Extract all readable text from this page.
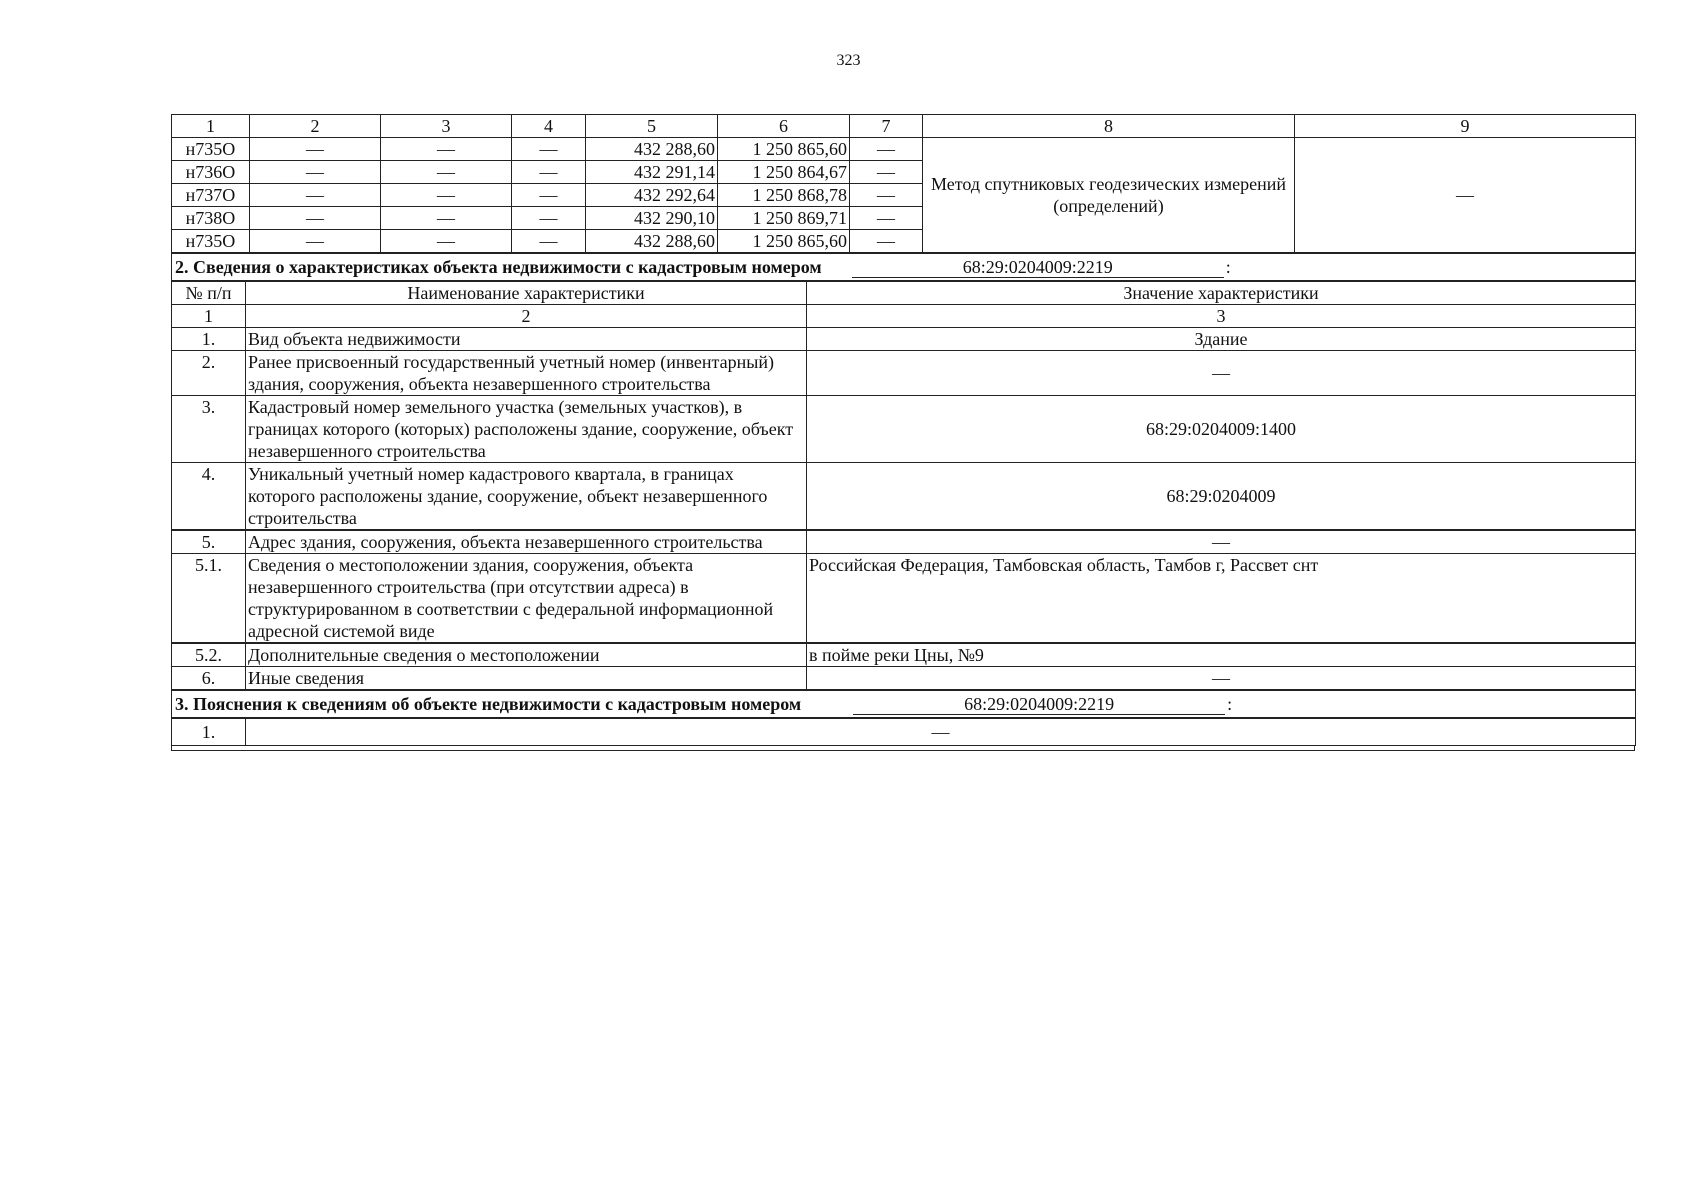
323
1	2	3	4	5	6	7	8	9
н735О	—	—	—	432 288,60	1 250 865,60	—	Метод спутниковых геодезических измерений (определений)	—
н736О	—	—	—	432 291,14	1 250 864,67	—		
н737О	—	—	—	432 292,64	1 250 868,78	—		
н738О	—	—	—	432 290,10	1 250 869,71	—		
н735О	—	—	—	432 288,60	1 250 865,60	—		
2. Сведения о характеристиках объекта недвижимости с кадастровым номером 68:29:0204009:2219 :		

№ п/п	Наименование характеристики	Значение характеристики
1	2	3
1.	Вид объекта недвижимости	Здание
2.	Ранее присвоенный государственный учетный номер (инвентарный) здания, сооружения, объекта незавершенного строительства	—
3.	Кадастровый номер земельного участка (земельных участков), в границах которого (которых) расположены здание, сооружение, объект незавершенного строительства	68:29:0204009:1400
4.	Уникальный учетный номер кадастрового квартала, в границах которого расположены здание, сооружение, объект незавершенного строительства	68:29:0204009
5.	Адрес здания, сооружения, объекта незавершенного строительства	—
5.1.	Сведения о местоположении здания, сооружения, объекта незавершенного строительства (при отсутствии адреса) в структурированном в соответствии с федеральной информационной адресной системой виде	Российская Федерация, Тамбовская область, Тамбов г, Рассвет снт
5.2.	Дополнительные сведения о местоположении	в пойме реки Цны, №9
6.	Иные сведения	—
3. Пояснения к сведениям об объекте недвижимости с кадастровым номером	68:29:0204009:2219	:

1.	—
